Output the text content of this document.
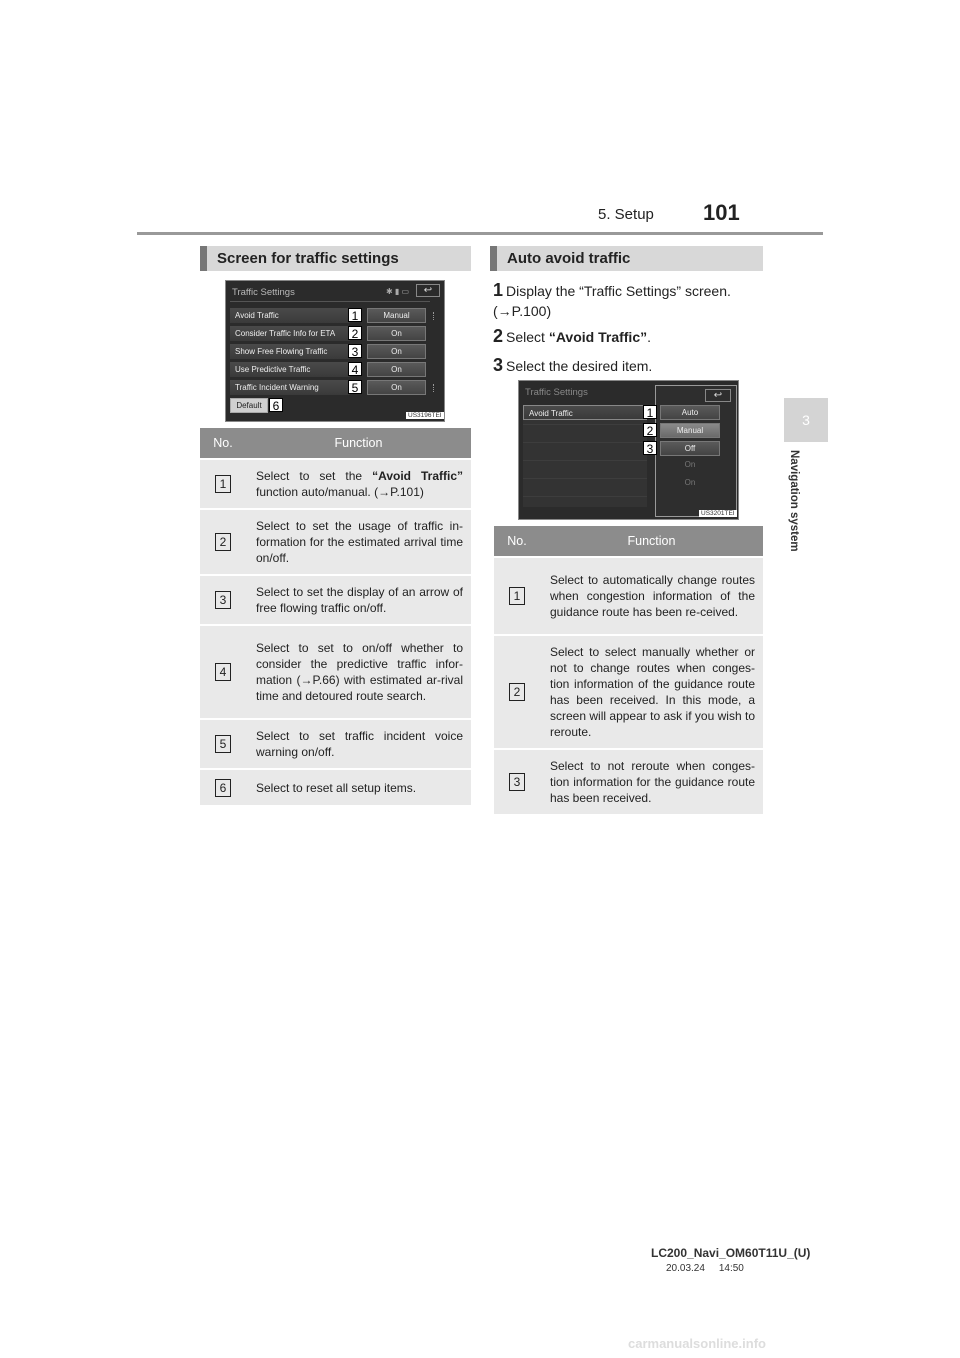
5. Setup 101
3
Navigation system
Screen for traffic settings
Traffic Settings	✱ ▮ ▭	↩
Avoid Traffic	1	Manual
Consider Traffic Info for ETA	2	On
Show Free Flowing Traffic	3	On
Use Predictive Traffic	4	On
Traffic Incident Warning	5	On
Default 6
US3196TEI
No.	Function
1	Select to set the “Avoid Traffic” function auto/manual. (→P.101)
2	Select to set the usage of traffic in-formation for the estimated arrival time on/off.
3	Select to set the display of an arrow of free flowing traffic on/off.
4	Select to set to on/off whether to consider the predictive traffic infor-mation (→P.66) with estimated ar-rival time and detoured route search.
5	Select to set traffic incident voice warning on/off.
6	Select to reset all setup items.
Auto avoid traffic
1 Display the “Traffic Settings” screen. (→P.100)
2 Select “Avoid Traffic”.
3 Select the desired item.
Traffic Settings
Avoid Traffic
↩
1	Auto
2	Manual
3	Off
On
On
US3201TEI
No.	Function
1	Select to automatically change routes when congestion information of the guidance route has been re-ceived.
2	Select to select manually whether or not to change routes when conges-tion information of the guidance route has been received. In this mode, a screen will appear to ask if you wish to reroute.
3	Select to not reroute when conges-tion information for the guidance route has been received.
LC200_Navi_OM60T11U_(U)
20.03.24     14:50
carmanualsonline.info
